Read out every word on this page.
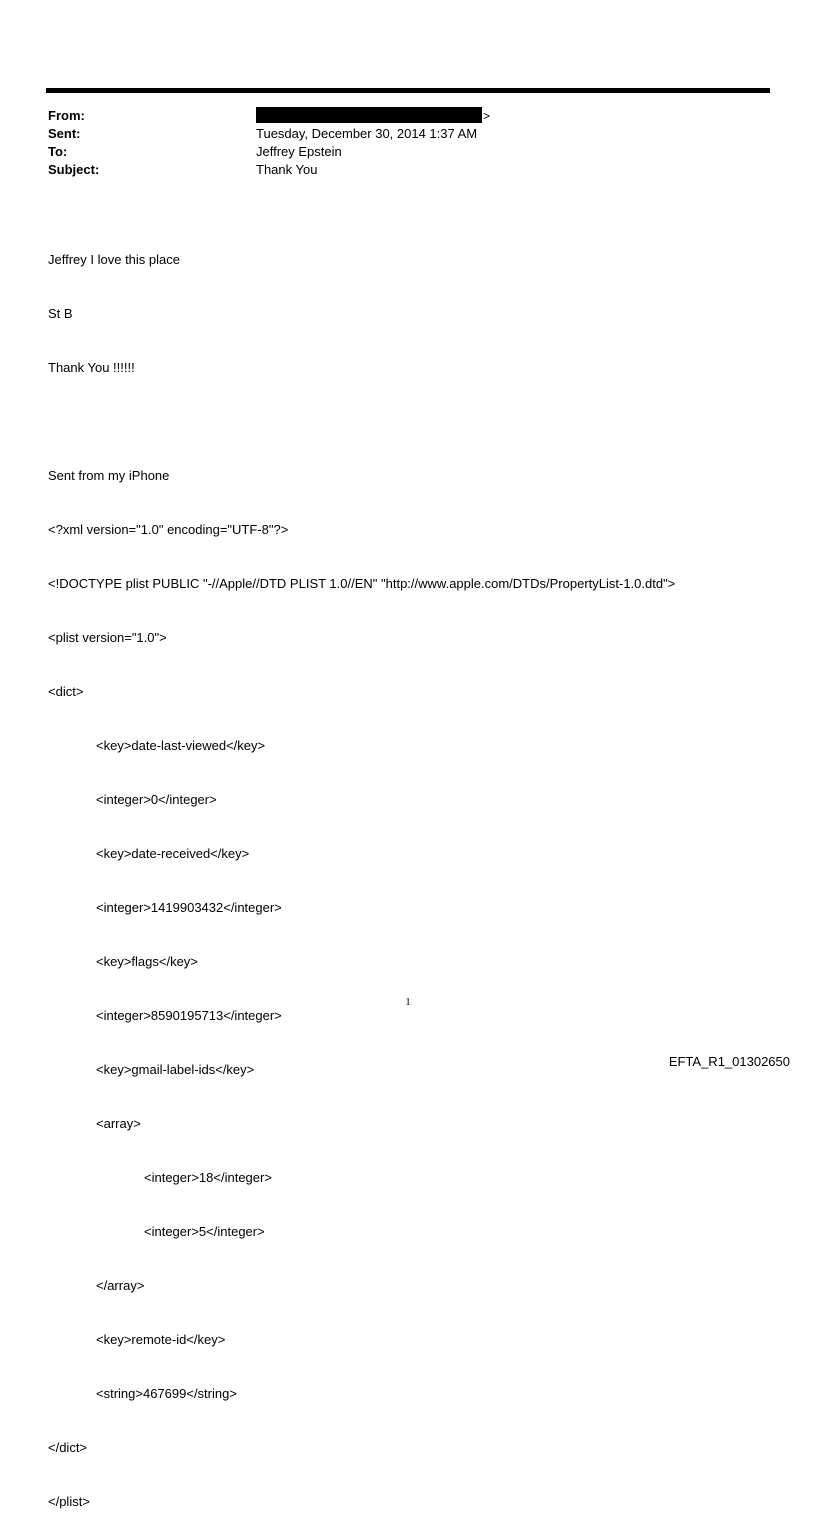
From:	>
Sent:	Tuesday, December 30, 2014 1:37 AM
To:	Jeffrey Epstein
Subject:	Thank You

Jeffrey I love this place

St B

Thank You !!!!!!

Sent from my iPhone

<?xml version="1.0" encoding="UTF-8"?>

<!DOCTYPE plist PUBLIC "-//Apple//DTD PLIST 1.0//EN" "http://www.apple.com/DTDs/PropertyList-1.0.dtd">

<plist version="1.0">

<dict>

<key>date-last-viewed</key>

<integer>0</integer>

<key>date-received</key>

<integer>1419903432</integer>

<key>flags</key>

<integer>8590195713</integer>

<key>gmail-label-ids</key>

<array>

<integer>18</integer>

<integer>5</integer>

</array>

<key>remote-id</key>

<string>467699</string>

</dict>

</plist>

1
EFTA_R1_01302650
